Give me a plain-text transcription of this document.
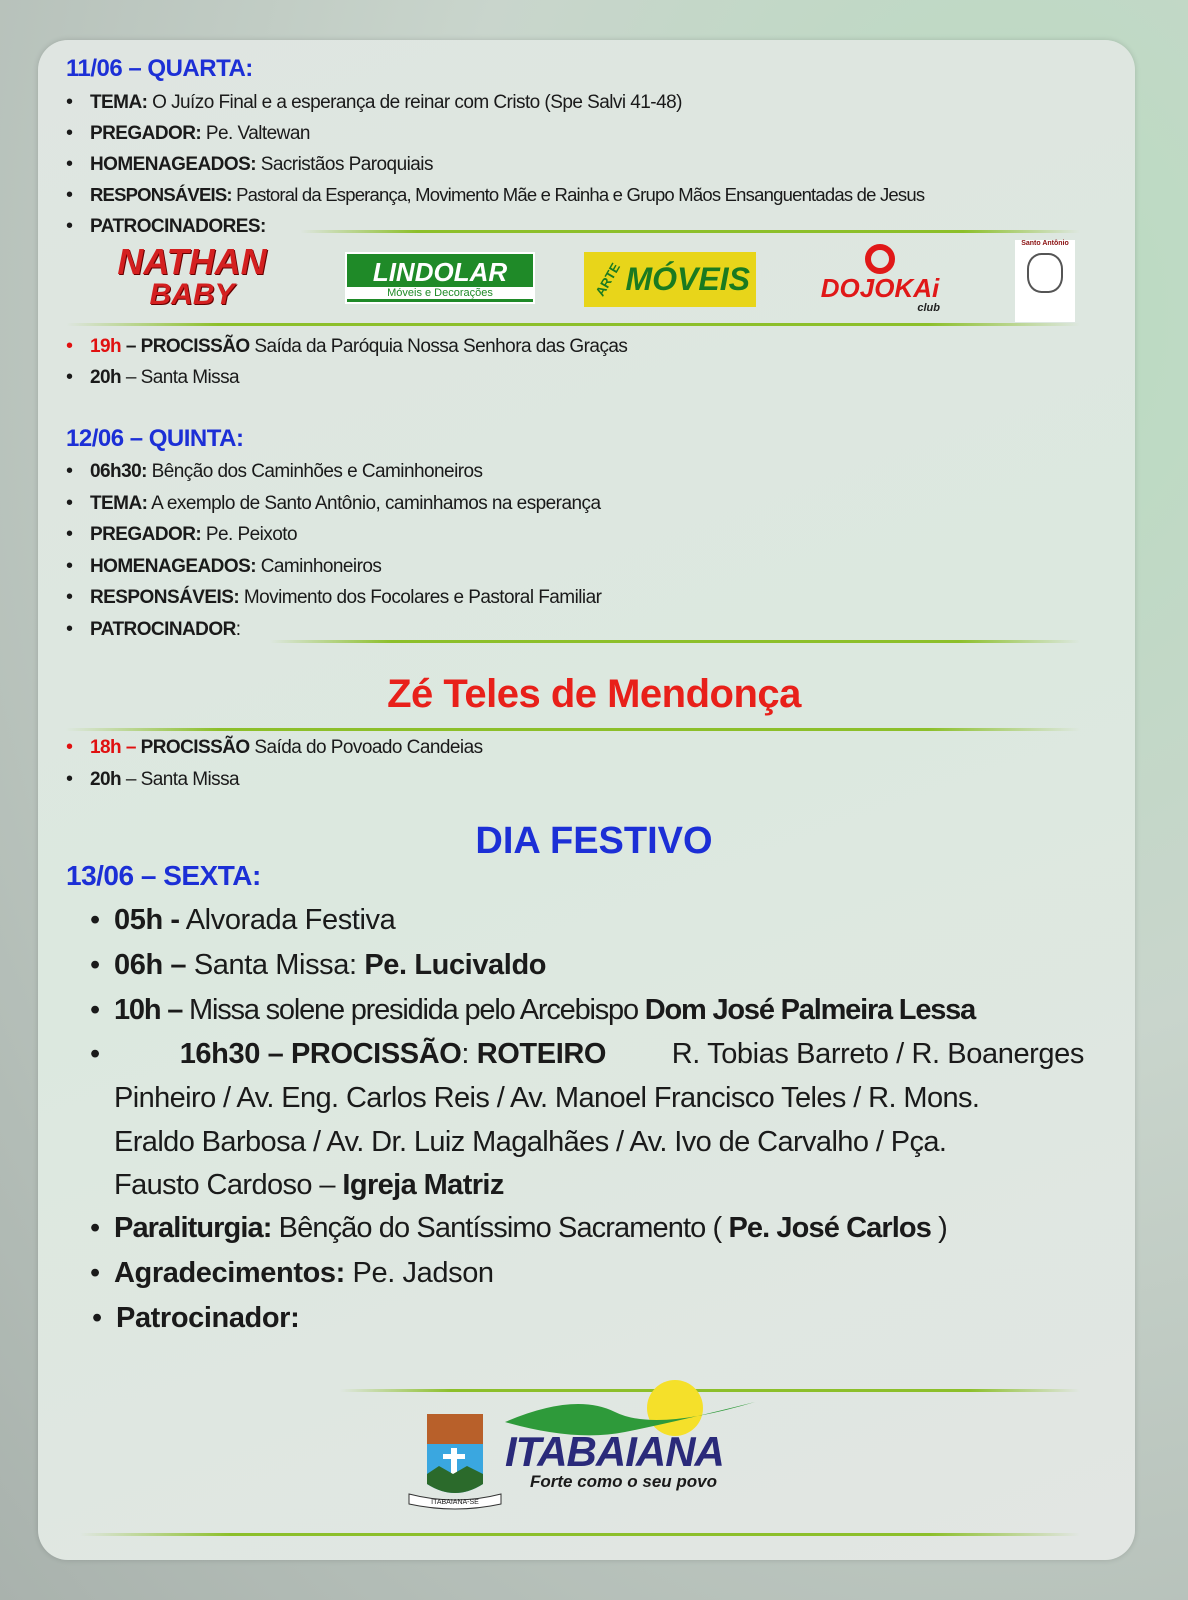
11/06 – QUARTA:
• TEMA: O Juízo Final e a esperança de reinar com Cristo (Spe Salvi 41-48)
• PREGADOR: Pe. Valtewan
• HOMENAGEADOS: Sacristãos Paroquiais
• RESPONSÁVEIS: Pastoral da Esperança, Movimento Mãe e Rainha e Grupo Mãos Ensanguentadas de Jesus
• PATROCINADORES:
NATHAN
BABY
LINDOLAR
Móveis e Decorações	ARTE MÓVEIS	DOJOKAi
club
Santo Antônio
• 19h – PROCISSÃO Saída da Paróquia Nossa Senhora das Graças
• 20h – Santa Missa
12/06 – QUINTA:
• 06h30: Bênção dos Caminhões e Caminhoneiros
• TEMA: A exemplo de Santo Antônio, caminhamos na esperança
• PREGADOR: Pe. Peixoto
• HOMENAGEADOS: Caminhoneiros
• RESPONSÁVEIS: Movimento dos Focolares e Pastoral Familiar
• PATROCINADOR:
Zé Teles de Mendonça
• 18h – PROCISSÃO Saída do Povoado Candeias
• 20h – Santa Missa
DIA FESTIVO
13/06 – SEXTA:
• 05h - Alvorada Festiva
• 06h – Santa Missa: Pe. Lucivaldo
• 10h – Missa solene presidida pelo Arcebispo Dom José Palmeira Lessa
• 16h30 – PROCISSÃO: ROTEIRO R. Tobias Barreto / R. Boanerges
Pinheiro / Av. Eng. Carlos Reis / Av. Manoel Francisco Teles / R. Mons.
Eraldo Barbosa / Av. Dr. Luiz Magalhães / Av. Ivo de Carvalho / Pça.
Fausto Cardoso – Igreja Matriz
• Paraliturgia: Bênção do Santíssimo Sacramento ( Pe. José Carlos )
• Agradecimentos: Pe. Jadson
• Patrocinador:
ITABAIANA-SE
ITABAIANA
Forte como o seu povo
